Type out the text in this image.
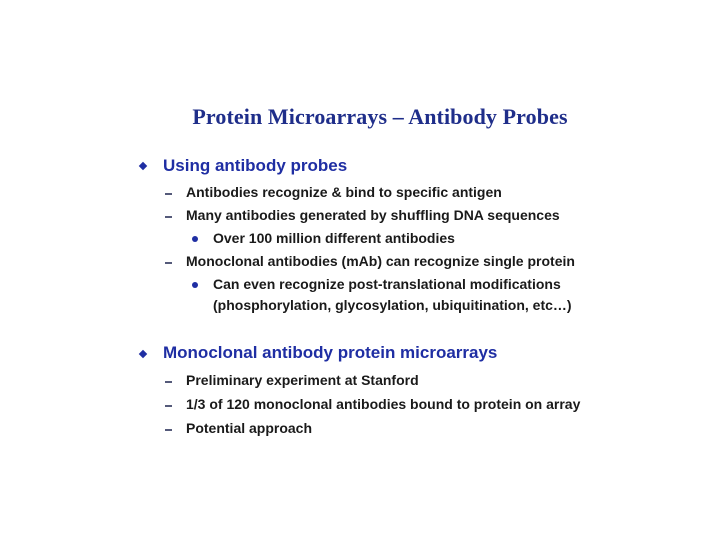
Protein Microarrays – Antibody Probes
Using antibody probes
Antibodies recognize & bind to specific antigen
Many antibodies generated by shuffling DNA sequences
Over 100 million different antibodies
Monoclonal antibodies (mAb) can recognize single protein
Can even recognize post-translational modifications
(phosphorylation, glycosylation, ubiquitination, etc…)
Monoclonal antibody protein microarrays
Preliminary experiment at Stanford
1/3 of 120 monoclonal antibodies bound to protein on array
Potential approach
